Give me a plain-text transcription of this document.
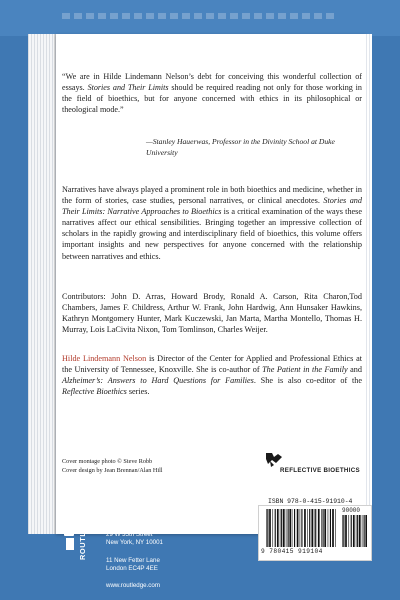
“We are in Hilde Lindemann Nelson’s debt for conceiving this wonderful collection of essays. Stories and Their Limits should be required reading not only for those working in the field of bioethics, but for anyone concerned with ethics in its philosophical or theological mode.”
—Stanley Hauerwas, Professor in the Divinity School at Duke University
Narratives have always played a prominent role in both bioethics and medicine, whether in the form of stories, case studies, personal narratives, or clinical anecdotes. Stories and Their Limits: Narrative Approaches to Bioethics is a critical examination of the ways these narratives affect our ethical sensibilities. Bringing together an impressive collection of scholars in the rapidly growing and interdisciplinary field of bioethics, this volume offers important insights and new perspectives for anyone concerned with the relationship between narratives and ethics.
Contributors: John D. Arras, Howard Brody, Ronald A. Carson, Rita Charon,Tod Chambers, James F. Childress, Arthur W. Frank, John Hardwig, Ann Hunsaker Hawkins, Kathryn Montgomery Hunter, Mark Kuczewski, Jan Marta, Martha Montello, Thomas H. Murray, Lois LaCivita Nixon, Tom Tomlinson, Charles Weijer.
Hilde Lindemann Nelson is Director of the Center for Applied and Professional Ethics at the University of Tennessee, Knoxville. She is co-author of The Patient in the Family and Alzheimer’s: Answers to Hard Questions for Families. She is also co-editor of the Reflective Bioethics series.
Cover montage photo © Steve Robb
Cover design by Jean Brennan/Alan Hill	REFLECTIVE BIOETHICS
ISBN 978-0-415-91910-4
90000
9 780415 919104
ROUTLEDGE	29 W 35th Street
New York, NY 10001
11 New Fetter Lane
London EC4P 4EE
www.routledge.com
